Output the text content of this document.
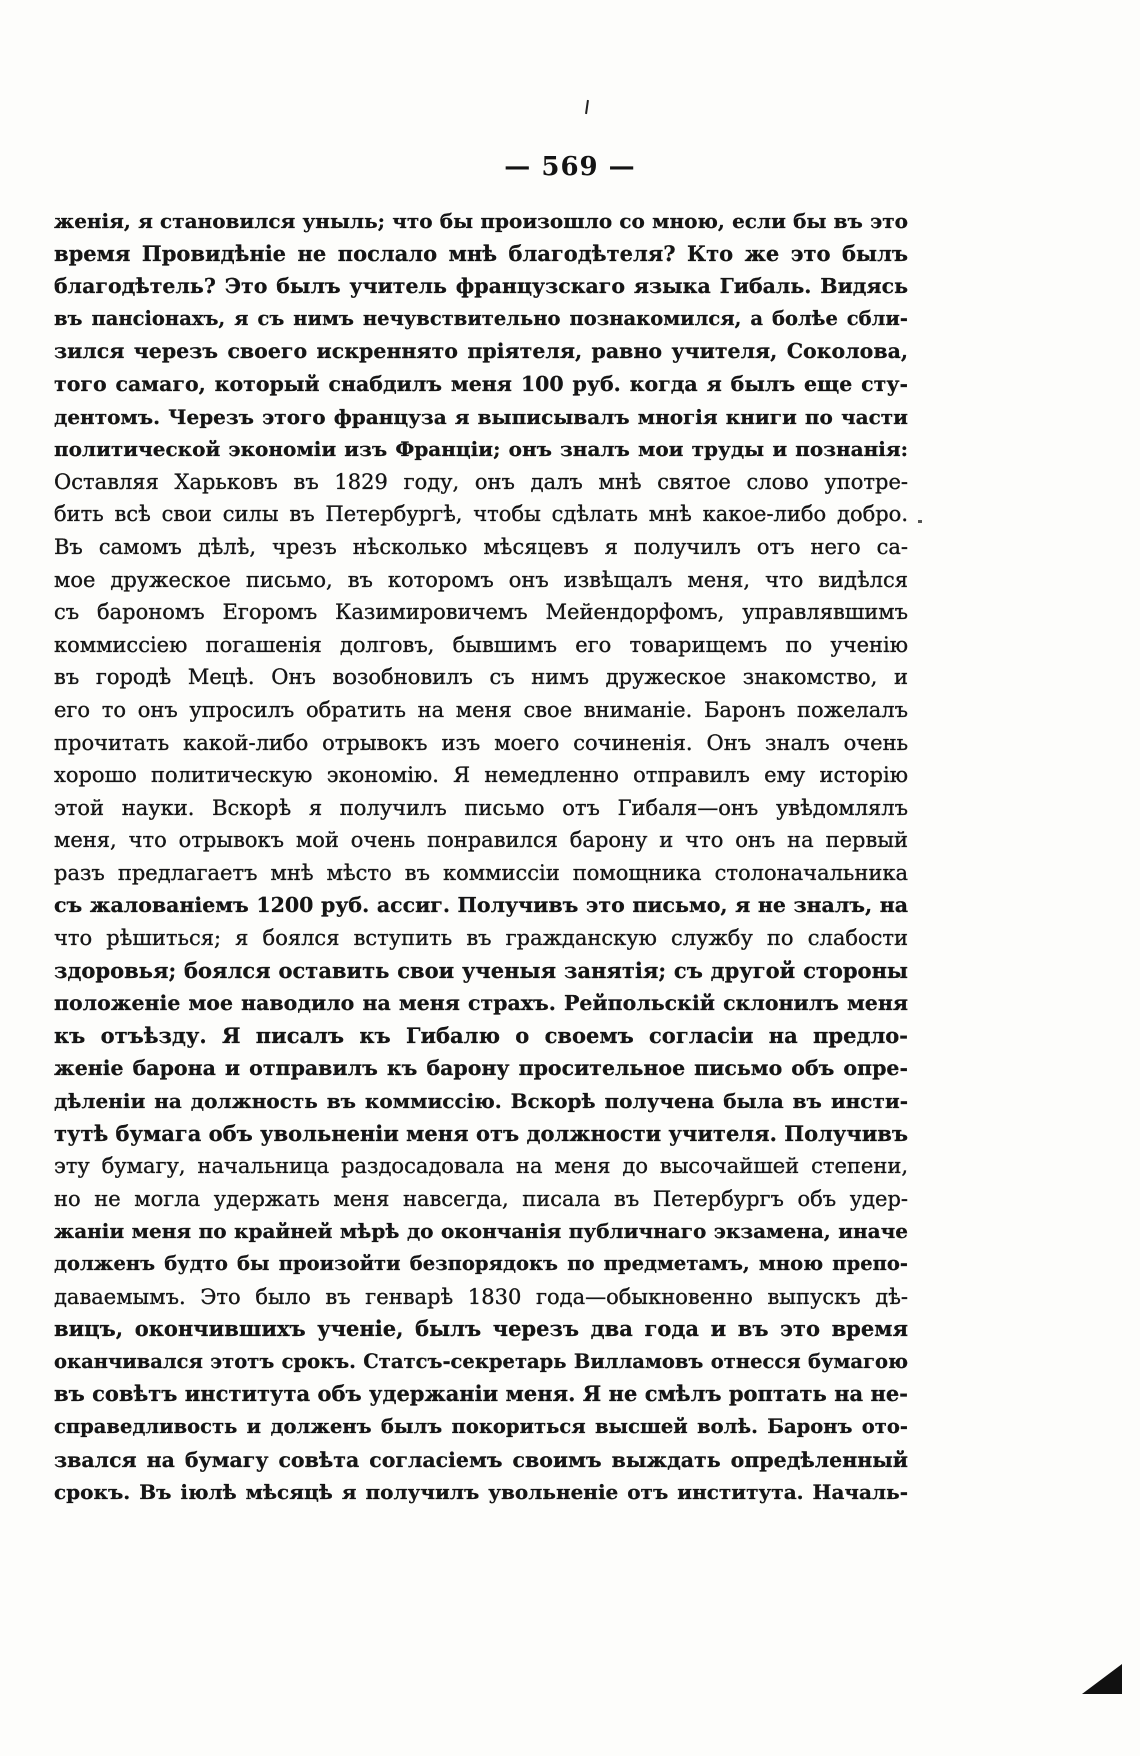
— 569 —
женія, я становился уныль; что бы произошло со мною, если бы въ это
время Провидѣніе не послало мнѣ благодѣтеля? Кто же это былъ
благодѣтель? Это былъ учитель французскаго языка Гибаль. Видясь
въ пансіонахъ, я съ нимъ нечувствительно познакомился, а болѣе сбли-
зился черезъ своего искреннято пріятеля, равно учителя, Соколова,
того самаго, который снабдилъ меня 100 руб. когда я былъ еще сту-
дентомъ. Черезъ этого француза я выписывалъ многія книги по части
политической экономіи изъ Франціи; онъ зналъ мои труды и познанія:
Оставляя Харьковъ въ 1829 году, онъ далъ мнѣ святое слово употре-
бить всѣ свои силы въ Петербургѣ, чтобы сдѣлать мнѣ какое-либо добро.
Въ самомъ дѣлѣ, чрезъ нѣсколько мѣсяцевъ я получилъ отъ него са-
мое дружеское письмо, въ которомъ онъ извѣщалъ меня, что видѣлся
съ барономъ Егоромъ Казимировичемъ Мейендорфомъ, управлявшимъ
коммиссіею погашенія долговъ, бывшимъ его товарищемъ по ученію
въ городѣ Мецѣ. Онъ возобновилъ съ нимъ дружеское знакомство, и
его то онъ упросилъ обратить на меня свое вниманіе. Баронъ пожелалъ
прочитать какой-либо отрывокъ изъ моего сочиненія. Онъ зналъ очень
хорошо политическую экономію. Я немедленно отправилъ ему исторію
этой науки. Вскорѣ я получилъ письмо отъ Гибаля—онъ увѣдомлялъ
меня, что отрывокъ мой очень понравился барону и что онъ на первый
разъ предлагаетъ мнѣ мѣсто въ коммиссіи помощника столоначальника
съ жалованіемъ 1200 руб. ассиг. Получивъ это письмо, я не зналъ, на
что рѣшиться; я боялся вступить въ гражданскую службу по слабости
здоровья; боялся оставить свои ученыя занятія; съ другой стороны
положеніе мое наводило на меня страхъ. Рейпольскій склонилъ меня
къ отъѣзду. Я писалъ къ Гибалю о своемъ согласіи на предло-
женіе барона и отправилъ къ барону просительное письмо объ опре-
дѣленіи на должность въ коммиссію. Вскорѣ получена была въ инсти-
тутѣ бумага объ увольненіи меня отъ должности учителя. Получивъ
эту бумагу, начальница раздосадовала на меня до высочайшей степени,
но не могла удержать меня навсегда, писала въ Петербургъ объ удер-
жаніи меня по крайней мѣрѣ до окончанія публичнаго экзамена, иначе
долженъ будто бы произойти безпорядокъ по предметамъ, мною препо-
даваемымъ. Это было въ генварѣ 1830 года—обыкновенно выпускъ дѣ-
вицъ, окончившихъ ученіе, былъ черезъ два года и въ это время
оканчивался этотъ срокъ. Статсъ-секретарь Вилламовъ отнесся бумагою
въ совѣтъ института объ удержаніи меня. Я не смѣлъ роптать на не-
справедливость и долженъ былъ покориться высшей волѣ. Баронъ ото-
звался на бумагу совѣта согласіемъ своимъ выждать опредѣленный
срокъ. Въ іюлѣ мѣсяцѣ я получилъ увольненіе отъ института. Началь-
